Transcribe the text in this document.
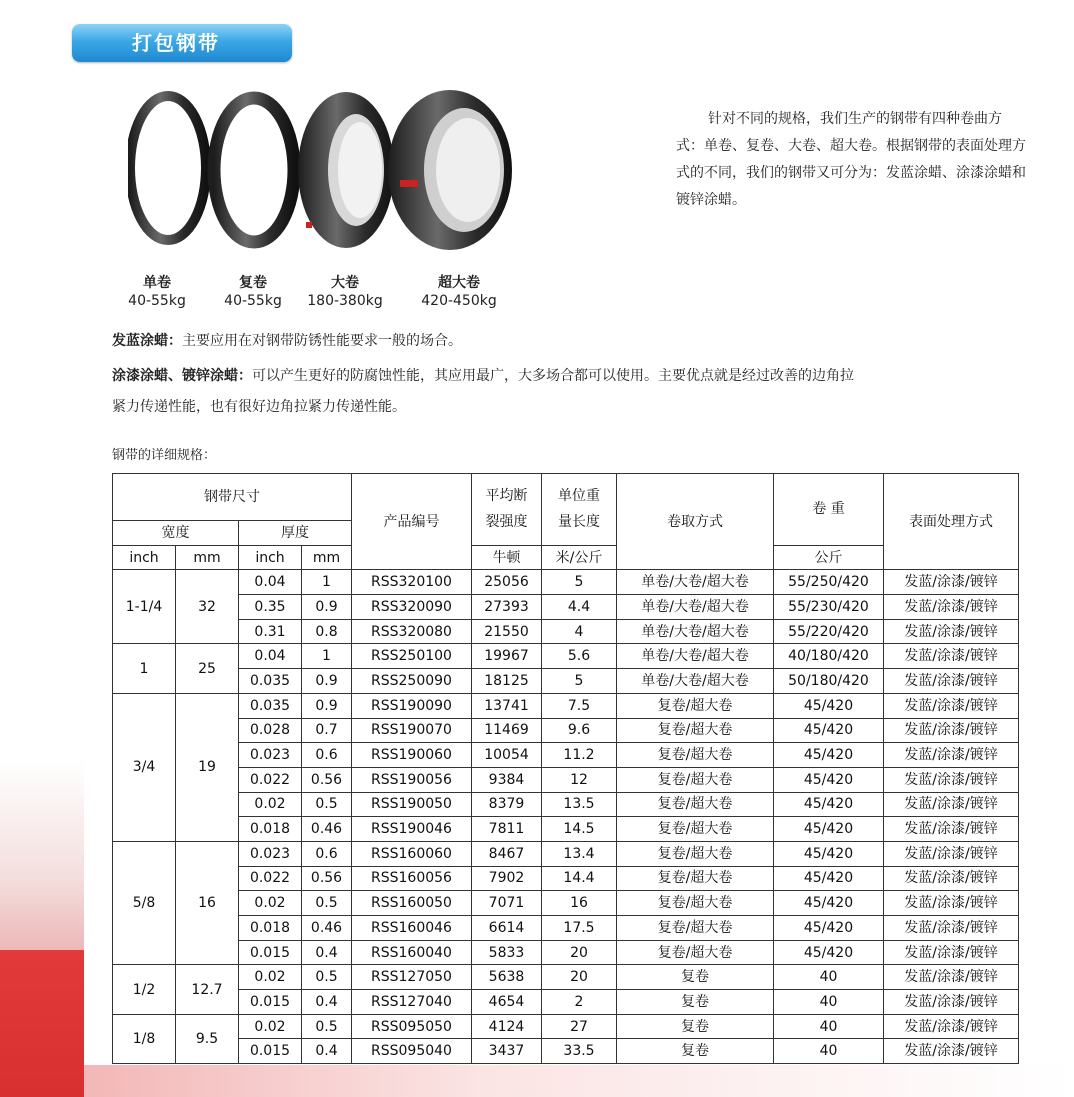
打包钢带
单卷
40-55kg
复卷
40-55kg
大卷
180-380kg
超大卷
420-450kg
针对不同的规格，我们生产的钢带有四种卷曲方式：单卷、复卷、大卷、超大卷。根据钢带的表面处理方式的不同，我们的钢带又可分为：发蓝涂蜡、涂漆涂蜡和镀锌涂蜡。
发蓝涂蜡：主要应用在对钢带防锈性能要求一般的场合。
涂漆涂蜡、镀锌涂蜡：可以产生更好的防腐蚀性能，其应用最广，大多场合都可以使用。主要优点就是经过改善的边角拉
紧力传递性能，也有很好边角拉紧力传递性能。
钢带的详细规格：
钢带尺寸				产品编号	平均断
裂强度	单位重
量长度	卷取方式	卷 重	表面处理方式

宽度		厚度							
inch	mm	inch	mm		牛顿	米/公斤		公斤	
1-1/4	32	0.04	1	RSS320100	25056	5	单卷/大卷/超大卷	55/250/420	发蓝/涂漆/镀锌
		0.35	0.9	RSS320090	27393	4.4	单卷/大卷/超大卷	55/230/420	发蓝/涂漆/镀锌
		0.31	0.8	RSS320080	21550	4	单卷/大卷/超大卷	55/220/420	发蓝/涂漆/镀锌
1	25	0.04	1	RSS250100	19967	5.6	单卷/大卷/超大卷	40/180/420	发蓝/涂漆/镀锌
		0.035	0.9	RSS250090	18125	5	单卷/大卷/超大卷	50/180/420	发蓝/涂漆/镀锌
3/4	19	0.035	0.9	RSS190090	13741	7.5	复卷/超大卷	45/420	发蓝/涂漆/镀锌
		0.028	0.7	RSS190070	11469	9.6	复卷/超大卷	45/420	发蓝/涂漆/镀锌
		0.023	0.6	RSS190060	10054	11.2	复卷/超大卷	45/420	发蓝/涂漆/镀锌
		0.022	0.56	RSS190056	9384	12	复卷/超大卷	45/420	发蓝/涂漆/镀锌
		0.02	0.5	RSS190050	8379	13.5	复卷/超大卷	45/420	发蓝/涂漆/镀锌
		0.018	0.46	RSS190046	7811	14.5	复卷/超大卷	45/420	发蓝/涂漆/镀锌
5/8	16	0.023	0.6	RSS160060	8467	13.4	复卷/超大卷	45/420	发蓝/涂漆/镀锌
		0.022	0.56	RSS160056	7902	14.4	复卷/超大卷	45/420	发蓝/涂漆/镀锌
		0.02	0.5	RSS160050	7071	16	复卷/超大卷	45/420	发蓝/涂漆/镀锌
		0.018	0.46	RSS160046	6614	17.5	复卷/超大卷	45/420	发蓝/涂漆/镀锌
		0.015	0.4	RSS160040	5833	20	复卷/超大卷	45/420	发蓝/涂漆/镀锌
1/2	12.7	0.02	0.5	RSS127050	5638	20	复卷	40	发蓝/涂漆/镀锌
		0.015	0.4	RSS127040	4654	2	复卷	40	发蓝/涂漆/镀锌
1/8	9.5	0.02	0.5	RSS095050	4124	27	复卷	40	发蓝/涂漆/镀锌
		0.015	0.4	RSS095040	3437	33.5	复卷	40	发蓝/涂漆/镀锌
